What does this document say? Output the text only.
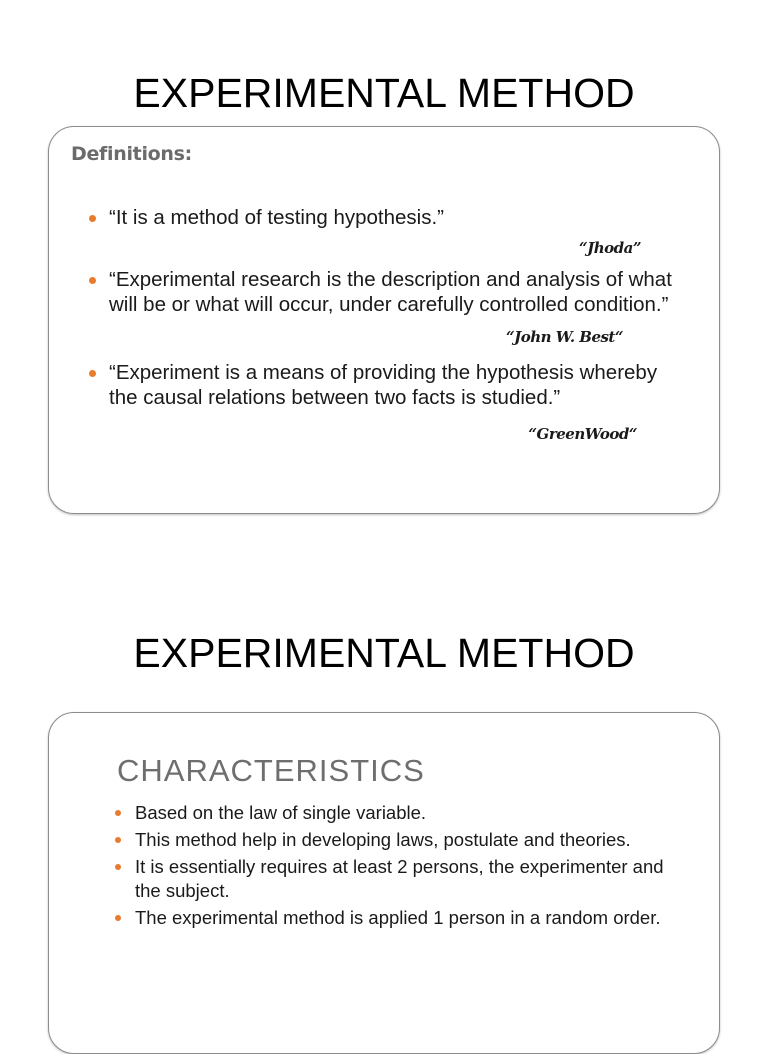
EXPERIMENTAL METHOD
Definitions:
“It is a method of testing hypothesis.”
“Jhoda”
“Experimental research is the description and analysis of what will be or what will occur, under carefully controlled condition.”
“John W. Best“
“Experiment is a means of providing the hypothesis whereby the causal relations between two facts is studied.”
“GreenWood“
EXPERIMENTAL METHOD
CHARACTERISTICS
Based on the law of single variable.
This method help in developing laws, postulate and theories.
It is essentially requires at least 2 persons, the experimenter and the subject.
The experimental method is applied 1 person in a random order.
